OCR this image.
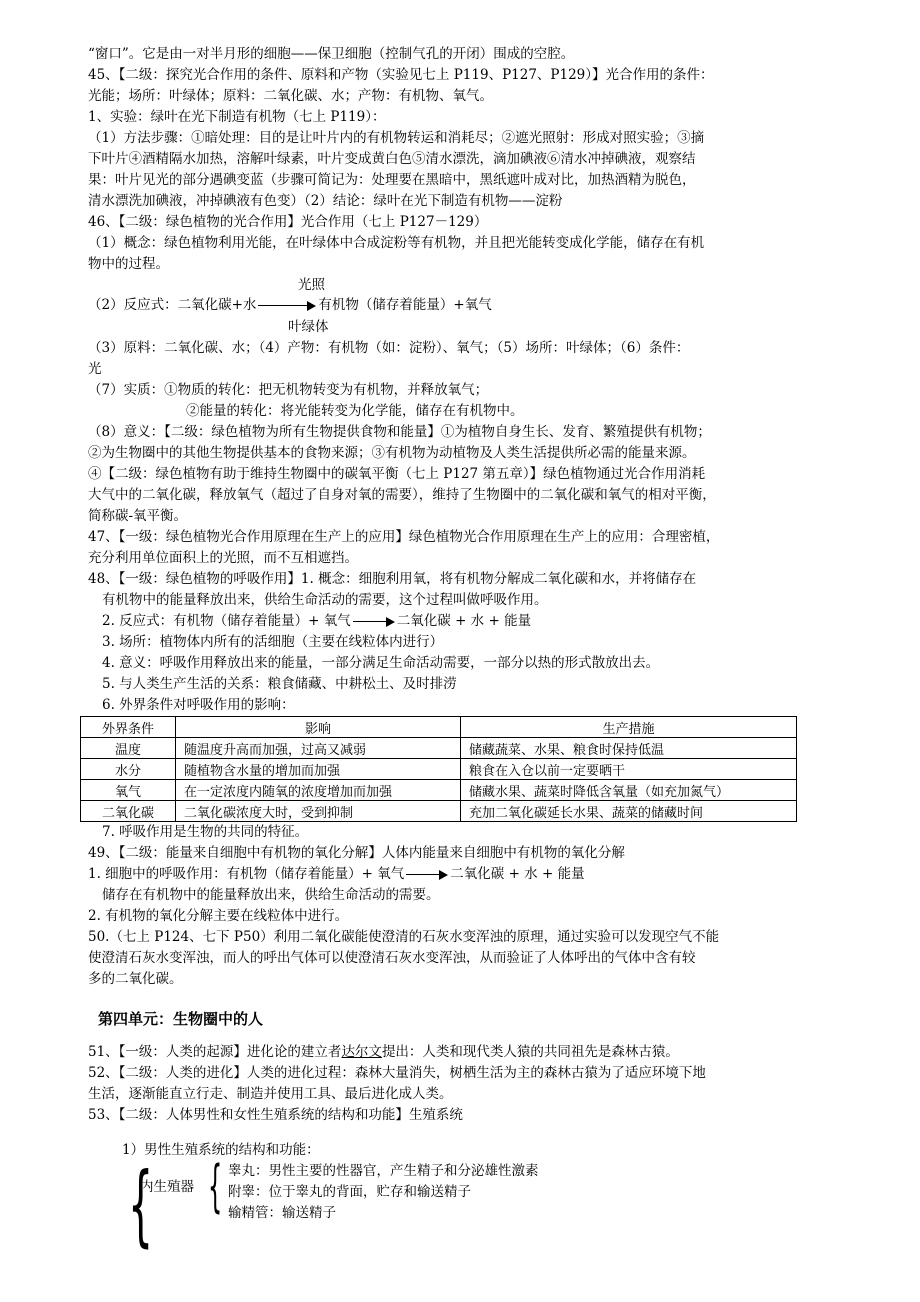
“窗口”。它是由一对半月形的细胞——保卫细胞（控制气孔的开闭）围成的空腔。
45、【二级：探究光合作用的条件、原料和产物（实验见七上 P119、P127、P129）】光合作用的条件：
光能；场所：叶绿体；原料：二氧化碳、水；产物：有机物、氧气。
1、实验：绿叶在光下制造有机物（七上 P119）：
（1）方法步骤：①暗处理：目的是让叶片内的有机物转运和消耗尽；②遮光照射：形成对照实验；③摘
下叶片④酒精隔水加热，溶解叶绿素，叶片变成黄白色⑤清水漂洗，滴加碘液⑥清水冲掉碘液，观察结
果：叶片见光的部分遇碘变蓝（步骤可简记为：处理要在黑暗中，黑纸遮叶成对比，加热酒精为脱色，
清水漂洗加碘液，冲掉碘液有色变）（2）结论：绿叶在光下制造有机物——淀粉
46、【二级：绿色植物的光合作用】光合作用（七上 P127－129）
（1）概念：绿色植物利用光能，在叶绿体中合成淀粉等有机物，并且把光能转变成化学能，储存在有机
物中的过程。
光照
（2）反应式：二氧化碳+水	有机物（储存着能量）+氧气
叶绿体
（3）原料：二氧化碳、水；（4）产物：有机物（如：淀粉）、氧气；（5）场所：叶绿体；（6）条件：
光
（7）实质：①物质的转化：把无机物转变为有机物，并释放氧气；
②能量的转化：将光能转变为化学能，储存在有机物中。
（8）意义：【二级：绿色植物为所有生物提供食物和能量】①为植物自身生长、发育、繁殖提供有机物；
②为生物圈中的其他生物提供基本的食物来源；③有机物为动植物及人类生活提供所必需的能量来源。
④【二级：绿色植物有助于维持生物圈中的碳氧平衡（七上 P127 第五章）】绿色植物通过光合作用消耗
大气中的二氧化碳，释放氧气（超过了自身对氧的需要），维持了生物圈中的二氧化碳和氧气的相对平衡，
简称碳-氧平衡。
47、【一级：绿色植物光合作用原理在生产上的应用】绿色植物光合作用原理在生产上的应用：合理密植，
充分利用单位面积上的光照，而不互相遮挡。
48、【一级：绿色植物的呼吸作用】1. 概念：细胞利用氧，将有机物分解成二氧化碳和水，并将储存在
有机物中的能量释放出来，供给生命活动的需要，这个过程叫做呼吸作用。
2. 反应式：有机物（储存着能量）+ 氧气	二氧化碳 + 水 + 能量
3. 场所：植物体内所有的活细胞（主要在线粒体内进行）
4. 意义：呼吸作用释放出来的能量，一部分满足生命活动需要，一部分以热的形式散放出去。
5. 与人类生产生活的关系：粮食储藏、中耕松土、及时排涝
6. 外界条件对呼吸作用的影响：
外界条件	影响	生产措施
温度	随温度升高而加强，过高又减弱	储藏蔬菜、水果、粮食时保持低温
水分	随植物含水量的增加而加强	粮食在入仓以前一定要晒干
氧气	在一定浓度内随氧的浓度增加而加强	储藏水果、蔬菜时降低含氧量（如充加氮气）
二氧化碳	二氧化碳浓度大时，受到抑制	充加二氧化碳延长水果、蔬菜的储藏时间
7. 呼吸作用是生物的共同的特征。
49、【二级：能量来自细胞中有机物的氧化分解】人体内能量来自细胞中有机物的氧化分解
1. 细胞中的呼吸作用：有机物（储存着能量）+ 氧气	二氧化碳 + 水 + 能量
储存在有机物中的能量释放出来，供给生命活动的需要。
2. 有机物的氧化分解主要在线粒体中进行。
50.（七上 P124、七下 P50）利用二氧化碳能使澄清的石灰水变浑浊的原理，通过实验可以发现空气不能
使澄清石灰水变浑浊，而人的呼出气体可以使澄清石灰水变浑浊，从而验证了人体呼出的气体中含有较
多的二氧化碳。
第四单元：生物圈中的人
51、【一级：人类的起源】进化论的建立者达尔文提出：人类和现代类人猿的共同祖先是森林古猿。
52、【二级：人类的进化】人类的进化过程：森林大量消失，树栖生活为主的森林古猿为了适应环境下地
生活，逐渐能直立行走、制造并使用工具、最后进化成人类。
53、【二级：人体男性和女性生殖系统的结构和功能】生殖系统
1）男性生殖系统的结构和功能：
{
内生殖器 { 睾丸：男性主要的性器官，产生精子和分泌雄性激素
附睾：位于睾丸的背面，贮存和输送精子
输精管：输送精子
